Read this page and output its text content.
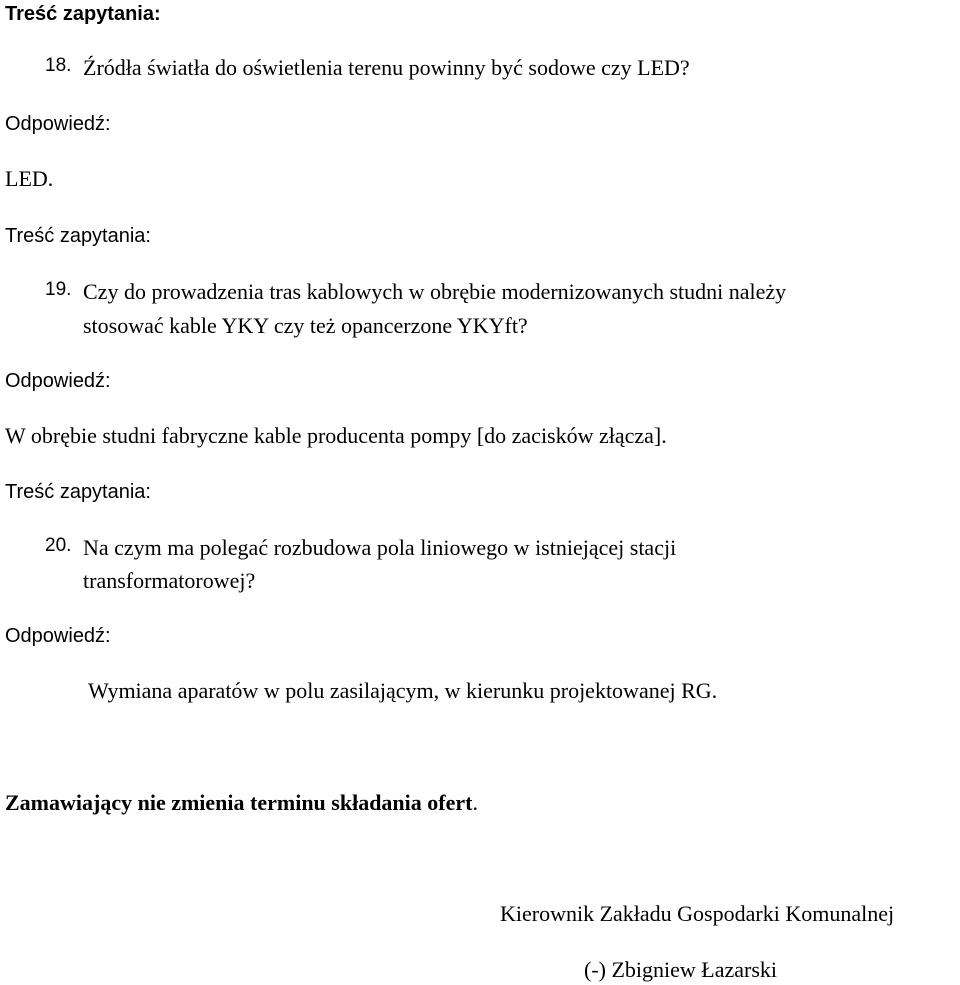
Treść zapytania:
18. Źródła światła do oświetlenia terenu powinny być sodowe czy LED?
Odpowiedź:
LED.
Treść zapytania:
19. Czy do prowadzenia tras kablowych w obrębie modernizowanych studni należy
stosować kable YKY czy też opancerzone YKYft?
Odpowiedź:
W obrębie studni fabryczne kable producenta pompy [do zacisków złącza].
Treść zapytania:
20. Na czym ma polegać rozbudowa pola liniowego w istniejącej stacji
transformatorowej?
Odpowiedź:
Wymiana aparatów w polu zasilającym, w kierunku projektowanej RG.
Zamawiający nie zmienia terminu składania ofert.
Kierownik Zakładu Gospodarki Komunalnej
(-) Zbigniew Łazarski
